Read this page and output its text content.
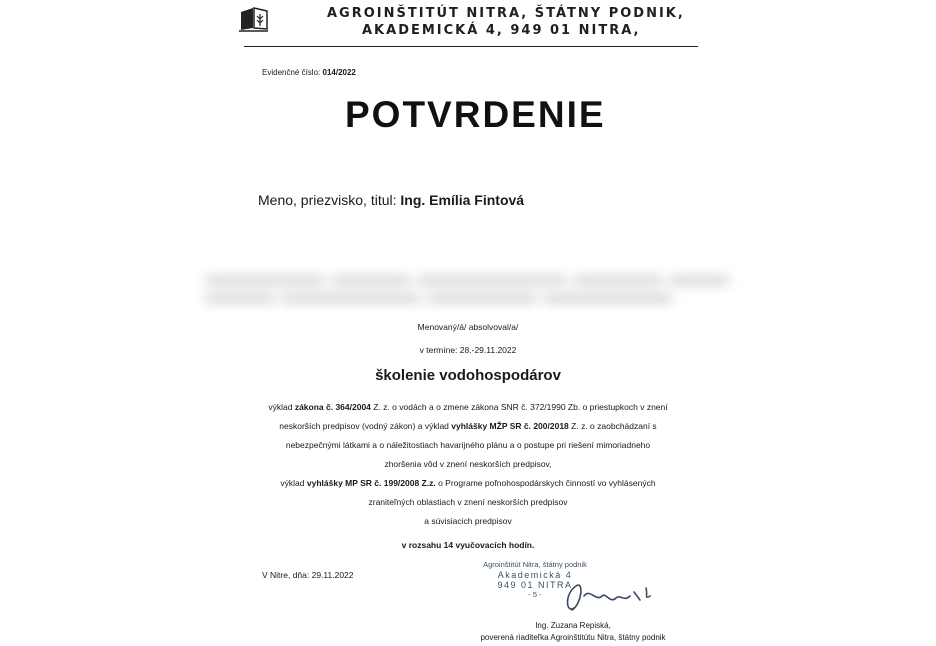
AGROINŠTITÚT NITRA, ŠTÁTNY PODNIK,
AKADEMICKÁ 4, 949 01 NITRA,
Evidenčné číslo: 014/2022
POTVRDENIE
Meno, priezvisko, titul: Ing. Emília Fintová

Menovaný/á/ absolvoval/a/
v termíne: 28.-29.11.2022
školenie vodohospodárov
výklad zákona č. 364/2004 Z. z. o vodách a o zmene zákona SNR č. 372/1990 Zb. o priestupkoch v znení
neskorších predpisov (vodný zákon) a výklad vyhlášky MŽP SR č. 200/2018 Z. z. o zaobchádzaní s
nebezpečnými látkami a o náležitostiach havarijného plánu a o postupe pri riešení mimoriadneho
zhoršenia vôd v znení neskorších predpisov,
výklad vyhlášky MP SR č. 199/2008 Z.z. o Programe poľnohospodárskych činností vo vyhlásených
zraniteľných oblastiach v znení neskorších predpisov
a súvisiacich predpisov
v rozsahu 14 vyučovacích hodín.
V Nitre, dňa: 29.11.2022
Agroinštitút Nitra, štátny podnik
Akademická 4
949 01 NITRA
- 5 -
Ing. Zuzana Repiská,
poverená riaditeľka Agroinštitútu Nitra, štátny podnik
